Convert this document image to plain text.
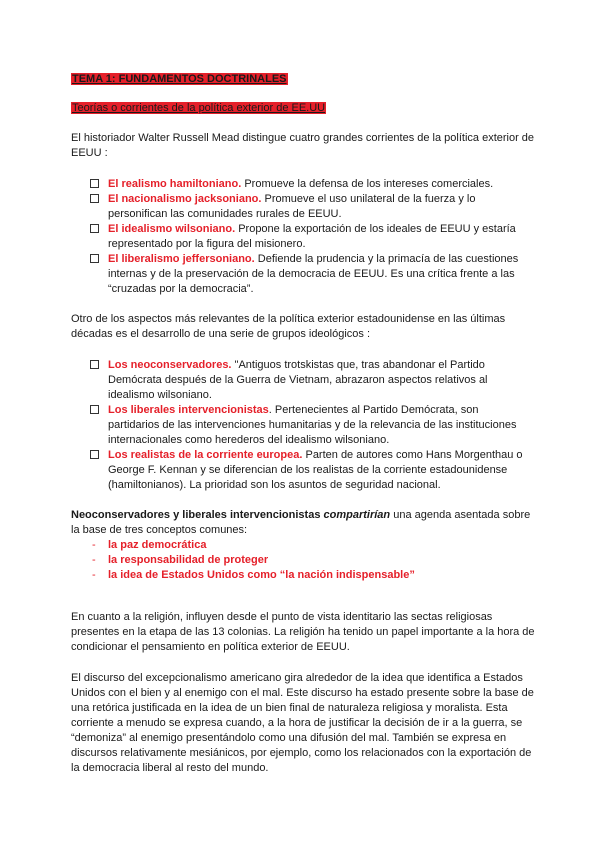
TEMA 1: FUNDAMENTOS DOCTRINALES
Teorías o corrientes de la política exterior de EE.UU
El historiador Walter Russell Mead distingue cuatro grandes corrientes de la política exterior de EEUU :
El realismo hamiltoniano. Promueve la defensa de los intereses comerciales.
El nacionalismo jacksoniano. Promueve el uso unilateral de la fuerza y lo personifican las comunidades rurales de EEUU.
El idealismo wilsoniano. Propone la exportación de los ideales de EEUU y estaría representado por la figura del misionero.
El liberalismo jeffersoniano. Defiende la prudencia y la primacía de las cuestiones internas y de la preservación de la democracia de EEUU. Es una crítica frente a las “cruzadas por la democracia”.
Otro de los aspectos más relevantes de la política exterior estadounidense en las últimas décadas es el desarrollo de una serie de grupos ideológicos :
Los neoconservadores. "Antiguos trotskistas que, tras abandonar el Partido Demócrata después de la Guerra de Vietnam, abrazaron aspectos relativos al idealismo wilsoniano.
Los liberales intervencionistas. Pertenecientes al Partido Demócrata, son partidarios de las intervenciones humanitarias y de la relevancia de las instituciones internacionales como herederos del idealismo wilsoniano.
Los realistas de la corriente europea. Parten de autores como Hans Morgenthau o George F. Kennan y se diferencian de los realistas de la corriente estadounidense (hamiltonianos). La prioridad son los asuntos de seguridad nacional.
Neoconservadores y liberales intervencionistas compartirían una agenda asentada sobre la base de tres conceptos comunes:
- la paz democrática
- la responsabilidad de proteger
- la idea de Estados Unidos como “la nación indispensable”
En cuanto a la religión, influyen desde el punto de vista identitario las sectas religiosas presentes en la etapa de las 13 colonias. La religión ha tenido un papel importante a la hora de condicionar el pensamiento en política exterior de EEUU.
El discurso del excepcionalismo americano gira alrededor de la idea que identifica a Estados Unidos con el bien y al enemigo con el mal. Este discurso ha estado presente sobre la base de una retórica justificada en la idea de un bien final de naturaleza religiosa y moralista. Esta corriente a menudo se expresa cuando, a la hora de justificar la decisión de ir a la guerra, se “demoniza” al enemigo presentándolo como una difusión del mal. También se expresa en discursos relativamente mesiánicos, por ejemplo, como los relacionados con la exportación de la democracia liberal al resto del mundo.
